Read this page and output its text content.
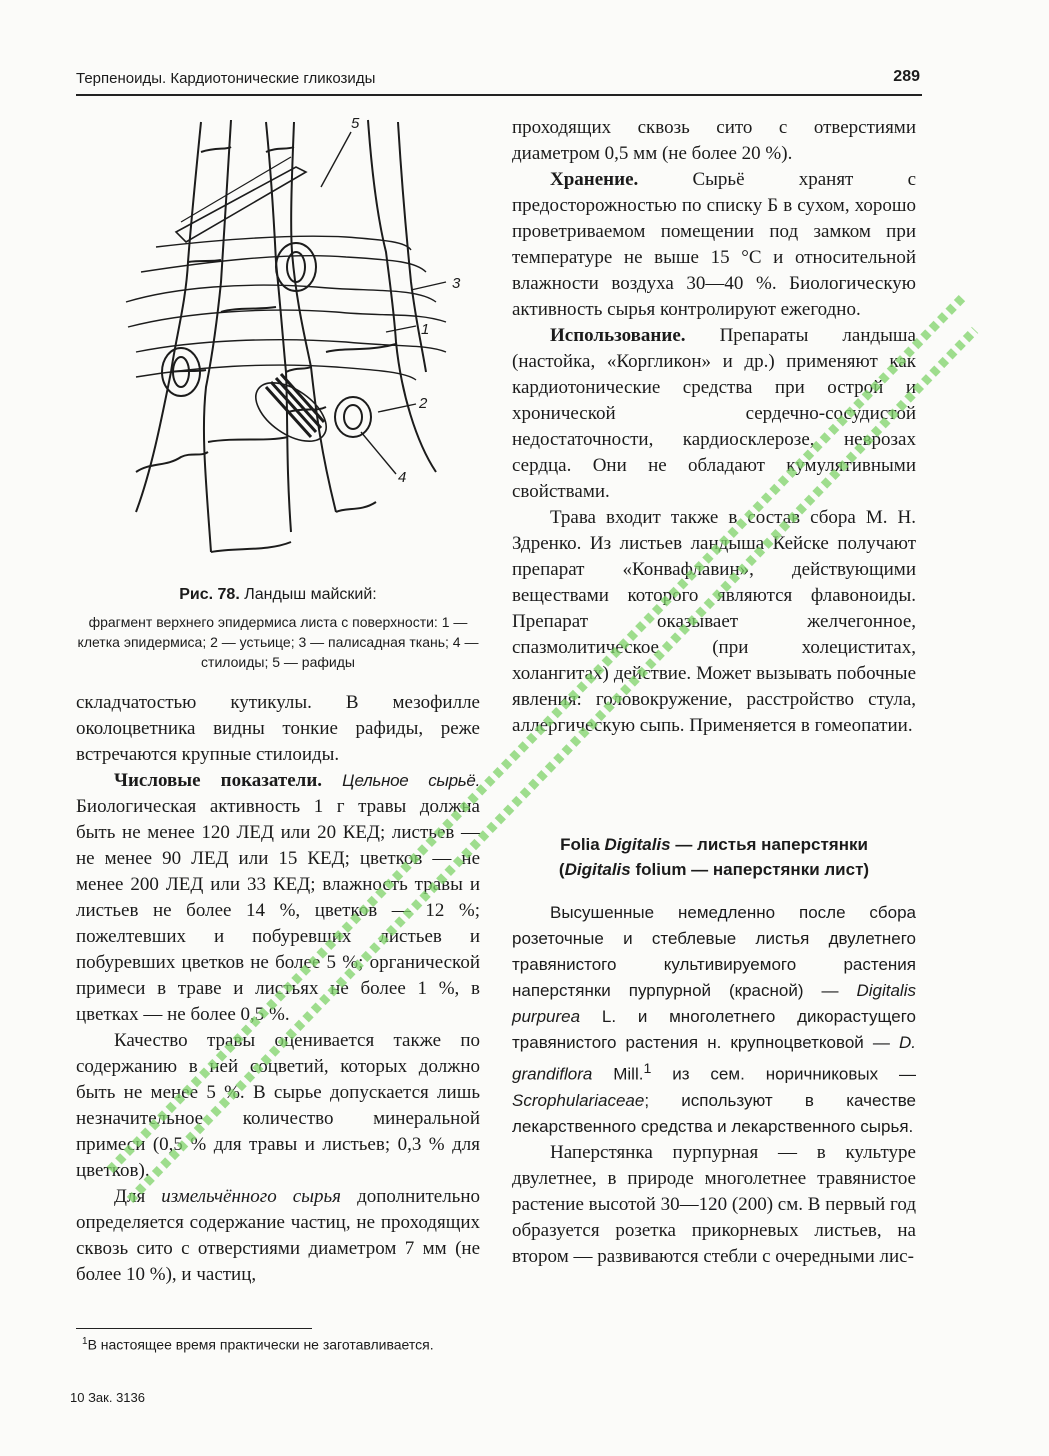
Терпеноиды. Кардиотонические гликозиды	289
5
3
1
2
4
Рис. 78. Ландыш майский:
фрагмент верхнего эпидермиса листа с поверхности: 1 — клетка эпидермиса; 2 — устьице; 3 — палисадная ткань; 4 — стилоиды; 5 — рафиды

складчатостью кутикулы. В мезофилле околоцветника видны тонкие рафиды, реже встречаются крупные стилоиды.

Числовые показатели. Цельное сырьё. Биологическая активность 1 г травы должна быть не менее 120 ЛЕД или 20 КЕД; листьев — не менее 90 ЛЕД или 15 КЕД; цветков — не менее 200 ЛЕД или 33 КЕД; влажность травы и листьев не более 14 %, цветков — 12 %; пожелтевших и побуревших листьев и побуревших цветков не более 5 %; органической примеси в траве и листьях не более 1 %, в цветках — не более 0,5 %.

Качество травы оценивается также по содержанию в ней соцветий, которых должно быть не менее 5 %. В сырье допускается лишь незначительное количество минеральной примеси (0,5 % для травы и листьев; 0,3 % для цветков).

Для измельчённого сырья дополнительно определяется содержание частиц, не проходящих сквозь сито с отверстиями диаметром 7 мм (не более 10 %), и частиц,

проходящих сквозь сито с отверстиями диаметром 0,5 мм (не более 20 %).

Хранение.	Сырьё хранят с предосторожностью по списку Б в сухом, хорошо проветриваемом помещении под замком при температуре не выше 15 °С и относительной влажности воздуха 30—40 %. Биологическую активность сырья контролируют ежегодно.

Использование. Препараты ландыша (настойка, «Коргликон» и др.) применяют как кардиотонические средства при острой и хронической сердечно-сосудистой недостаточности, кардиосклерозе, неврозах сердца. Они не обладают кумулятивными свойствами.

Трава входит также в состав сбора М. Н. Здренко. Из листьев ландыша Кейске получают препарат «Конвафлавин», действующими веществами которого являются флавоноиды. Препарат оказывает желчегонное, спазмолитическое (при холециститах, холангитах) действие. Может вызывать побочные явления: головокружение, расстройство стула, аллергическую сыпь. Применяется в гомеопатии.

Folia Digitalis — листья наперстянки
(Digitalis folium — наперстянки лист)

Высушенные немедленно после сбора розеточные и стеблевые листья двулетнего травянистого культивируемого растения наперстянки пурпурной (красной) — Digitalis purpurea L. и многолетнего дикорастущего травянистого растения н. крупноцветковой — D. grandiflora Mill.$^1$ из сем. норичниковых — Scrophulariaceae; используют в качестве лекарственного средства и лекарственного сырья.

Наперстянка пурпурная — в культуре двулетнее, в природе многолетнее травянистое растение высотой 30—120 (200) см. В первый год образуется розетка прикорневых листьев, на втором — развиваются стебли с очередными лис-

$^1$В настоящее время практически не заготавливается.
10 Зак. 3136
